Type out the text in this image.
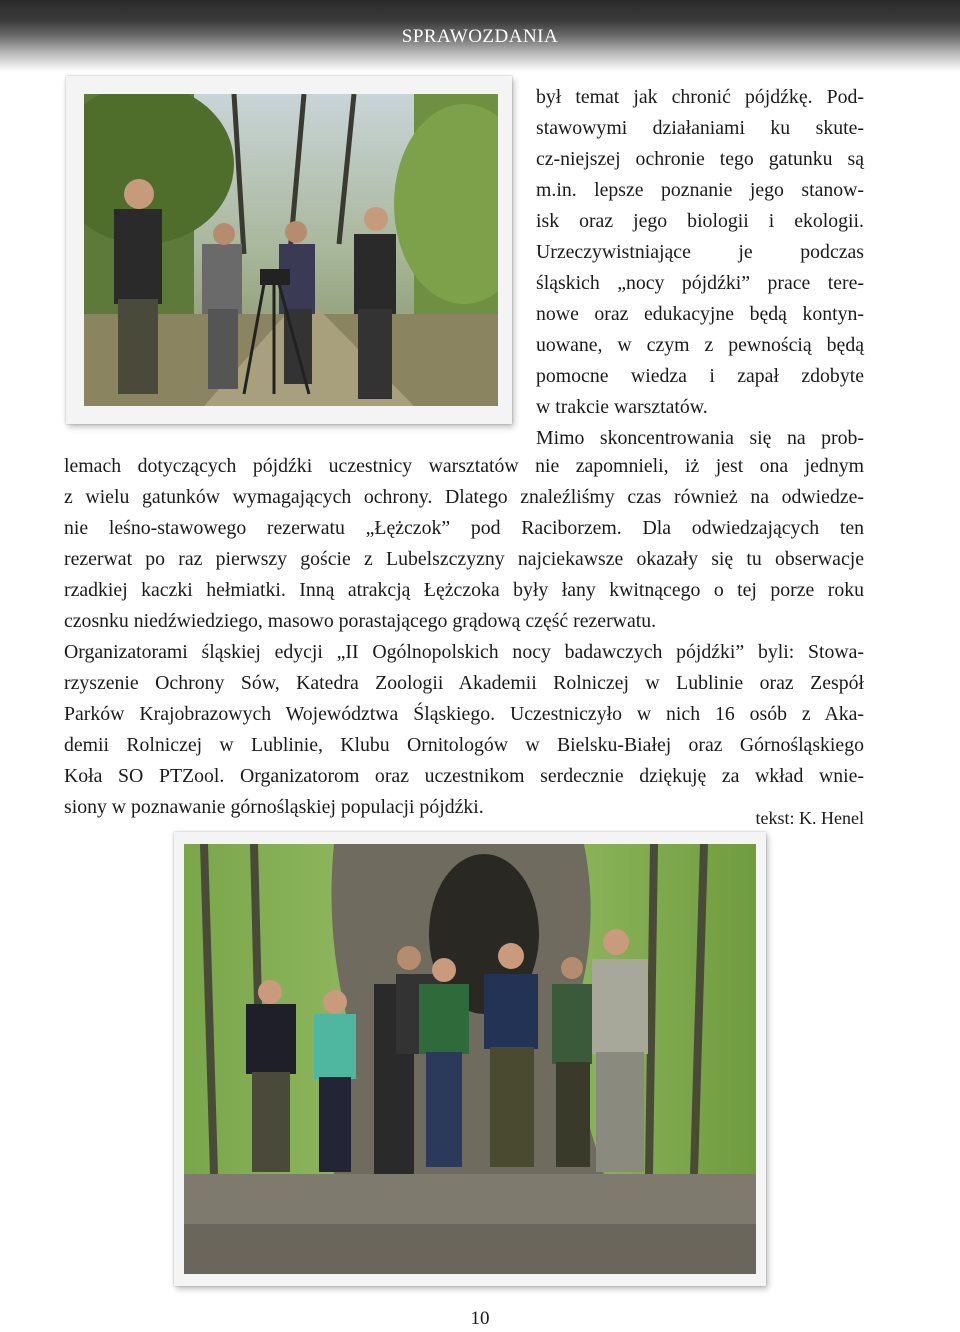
SPRAWOZDANIA
był temat jak chronić pójdźkę. Pod-
stawowymi działaniami ku skute-
cz-niejszej ochronie tego gatunku są
m.in. lepsze poznanie jego stanow-
isk oraz jego biologii i ekologii.
Urzeczywistniające je podczas
śląskich „nocy pójdźki” prace tere-
nowe oraz edukacyjne będą kontyn-
uowane, w czym z pewnością będą
pomocne wiedza i zapał zdobyte
w trakcie warsztatów.
Mimo skoncentrowania się na prob-
lemach dotyczących pójdźki uczestnicy warsztatów nie zapomnieli, iż jest ona jednym
z wielu gatunków wymagających ochrony. Dlatego znaleźliśmy czas również na odwiedze-
nie leśno-stawowego rezerwatu „Łężczok” pod Raciborzem. Dla odwiedzających ten
rezerwat po raz pierwszy goście z Lubelszczyzny najciekawsze okazały się tu obserwacje
rzadkiej kaczki hełmiatki. Inną atrakcją Łężczoka były łany kwitnącego o tej porze roku
czosnku niedźwiedziego, masowo porastającego grądową część rezerwatu.
Organizatorami śląskiej edycji „II Ogólnopolskich nocy badawczych pójdźki” byli: Stowa-
rzyszenie Ochrony Sów, Katedra Zoologii Akademii Rolniczej w Lublinie oraz Zespół
Parków Krajobrazowych Województwa Śląskiego. Uczestniczyło w nich 16 osób z Aka-
demii Rolniczej w Lublinie, Klubu Ornitologów w Bielsku-Białej oraz Górnośląskiego
Koła SO PTZool. Organizatorom oraz uczestnikom serdecznie dziękuję za wkład wnie-
siony w poznawanie górnośląskiej populacji pójdźki.	tekst: K. Henel
10
